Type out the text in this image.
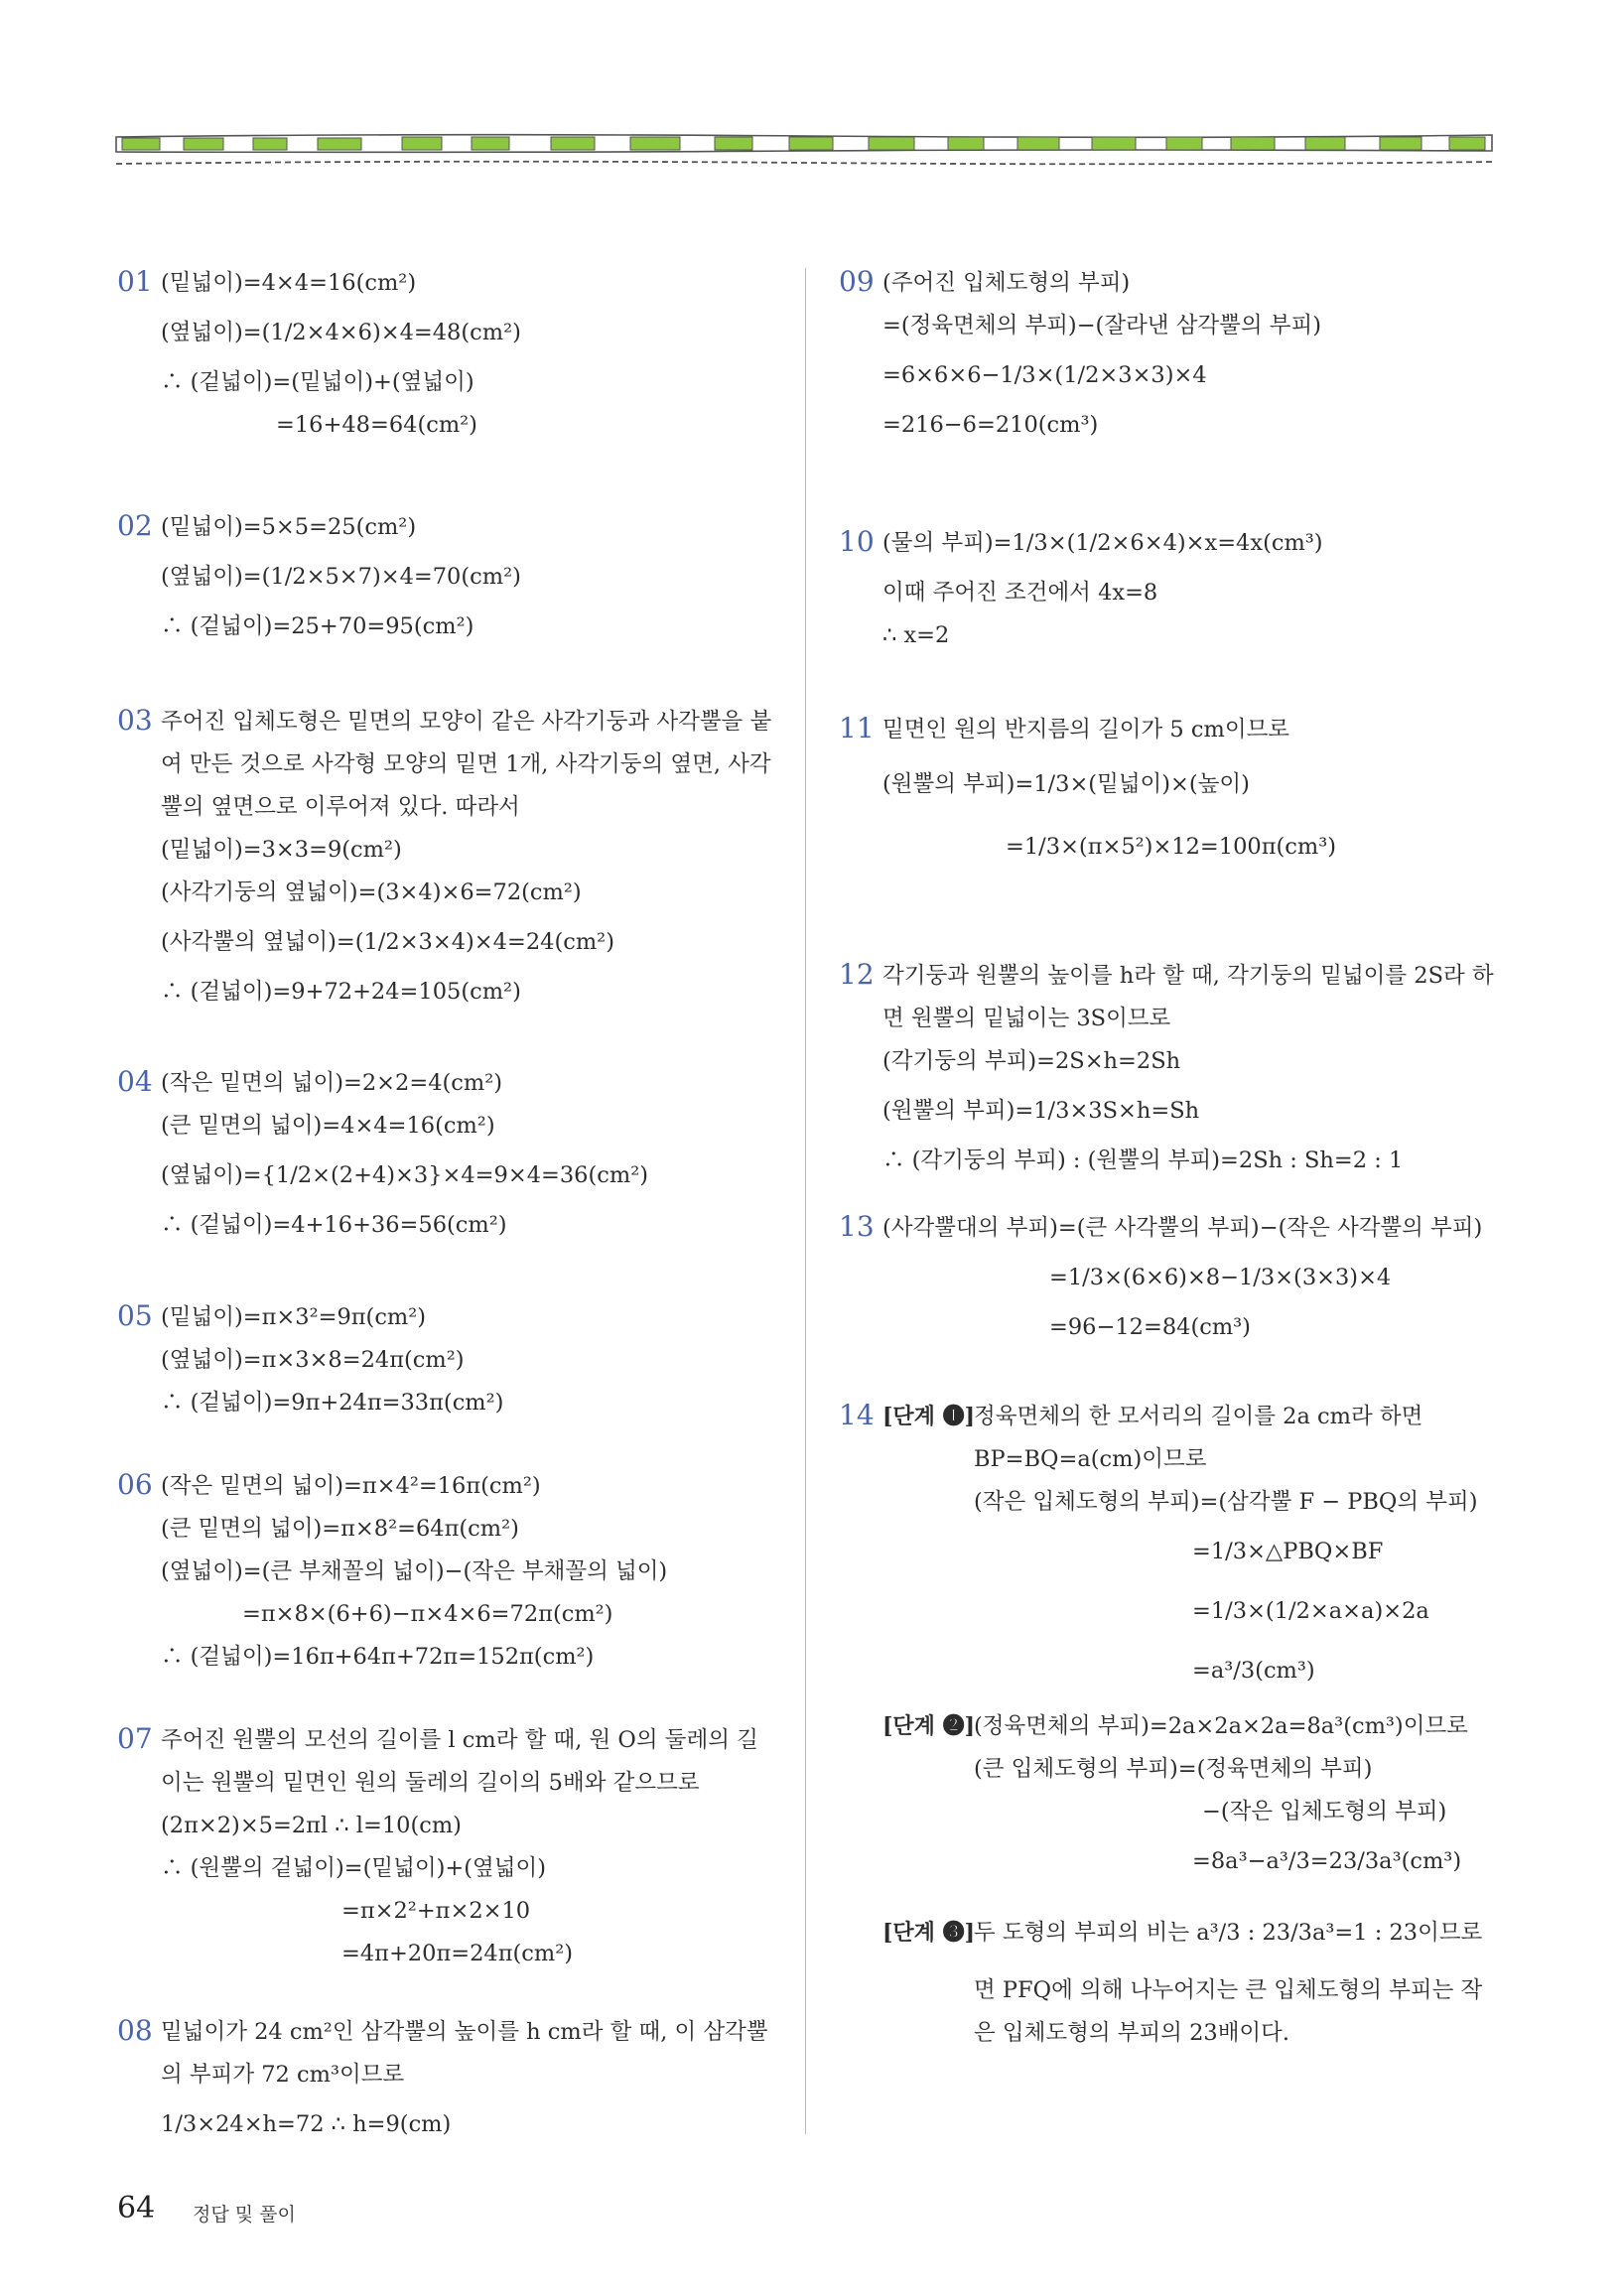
01 (밑넓이)=4×4=16(cm²)
(옆넓이)=(1/2×4×6)×4=48(cm²)
∴ (겉넓이)=(밑넓이)+(옆넓이)
=16+48=64(cm²)
02 (밑넓이)=5×5=25(cm²)
(옆넓이)=(1/2×5×7)×4=70(cm²)
∴ (겉넓이)=25+70=95(cm²)
03 주어진 입체도형은 밑면의 모양이 같은 사각기둥과 사각뿔을 붙
여 만든 것으로 사각형 모양의 밑면 1개, 사각기둥의 옆면, 사각
뿔의 옆면으로 이루어져 있다. 따라서
(밑넓이)=3×3=9(cm²)
(사각기둥의 옆넓이)=(3×4)×6=72(cm²)
(사각뿔의 옆넓이)=(1/2×3×4)×4=24(cm²)
∴ (겉넓이)=9+72+24=105(cm²)
04 (작은 밑면의 넓이)=2×2=4(cm²)
(큰 밑면의 넓이)=4×4=16(cm²)
(옆넓이)={1/2×(2+4)×3}×4=9×4=36(cm²)
∴ (겉넓이)=4+16+36=56(cm²)
05 (밑넓이)=π×3²=9π(cm²)
(옆넓이)=π×3×8=24π(cm²)
∴ (겉넓이)=9π+24π=33π(cm²)
06 (작은 밑면의 넓이)=π×4²=16π(cm²)
(큰 밑면의 넓이)=π×8²=64π(cm²)
(옆넓이)=(큰 부채꼴의 넓이)−(작은 부채꼴의 넓이)
=π×8×(6+6)−π×4×6=72π(cm²)
∴ (겉넓이)=16π+64π+72π=152π(cm²)
07 주어진 원뿔의 모선의 길이를 l cm라 할 때, 원 O의 둘레의 길
이는 원뿔의 밑면인 원의 둘레의 길이의 5배와 같으므로
(2π×2)×5=2πl ∴ l=10(cm)
∴ (원뿔의 겉넓이)=(밑넓이)+(옆넓이)
=π×2²+π×2×10
=4π+20π=24π(cm²)
08 밑넓이가 24 cm²인 삼각뿔의 높이를 h cm라 할 때, 이 삼각뿔
의 부피가 72 cm³이므로
1/3×24×h=72 ∴ h=9(cm)
09 (주어진 입체도형의 부피)
=(정육면체의 부피)−(잘라낸 삼각뿔의 부피)
=6×6×6−1/3×(1/2×3×3)×4
=216−6=210(cm³)
10 (물의 부피)=1/3×(1/2×6×4)×x=4x(cm³)
이때 주어진 조건에서 4x=8
∴ x=2
11 밑면인 원의 반지름의 길이가 5 cm이므로
(원뿔의 부피)=1/3×(밑넓이)×(높이)
=1/3×(π×5²)×12=100π(cm³)
12 각기둥과 원뿔의 높이를 h라 할 때, 각기둥의 밑넓이를 2S라 하
면 원뿔의 밑넓이는 3S이므로
(각기둥의 부피)=2S×h=2Sh
(원뿔의 부피)=1/3×3S×h=Sh
∴ (각기둥의 부피) : (원뿔의 부피)=2Sh : Sh=2 : 1
13 (사각뿔대의 부피)=(큰 사각뿔의 부피)−(작은 사각뿔의 부피)
=1/3×(6×6)×8−1/3×(3×3)×4
=96−12=84(cm³)
14 [단계 ❶] 정육면체의 한 모서리의 길이를 2a cm라 하면
BP=BQ=a(cm)이므로
(작은 입체도형의 부피)=(삼각뿔 F − PBQ의 부피)
=1/3×△PBQ×BF
=1/3×(1/2×a×a)×2a
=a³/3(cm³)
[단계 ❷] (정육면체의 부피)=2a×2a×2a=8a³(cm³)이므로
(큰 입체도형의 부피)=(정육면체의 부피)
−(작은 입체도형의 부피)
=8a³−a³/3=23/3a³(cm³)
[단계 ❸] 두 도형의 부피의 비는 a³/3 : 23/3a³=1 : 23이므로
면 PFQ에 의해 나누어지는 큰 입체도형의 부피는 작
은 입체도형의 부피의 23배이다.
64 정답 및 풀이
